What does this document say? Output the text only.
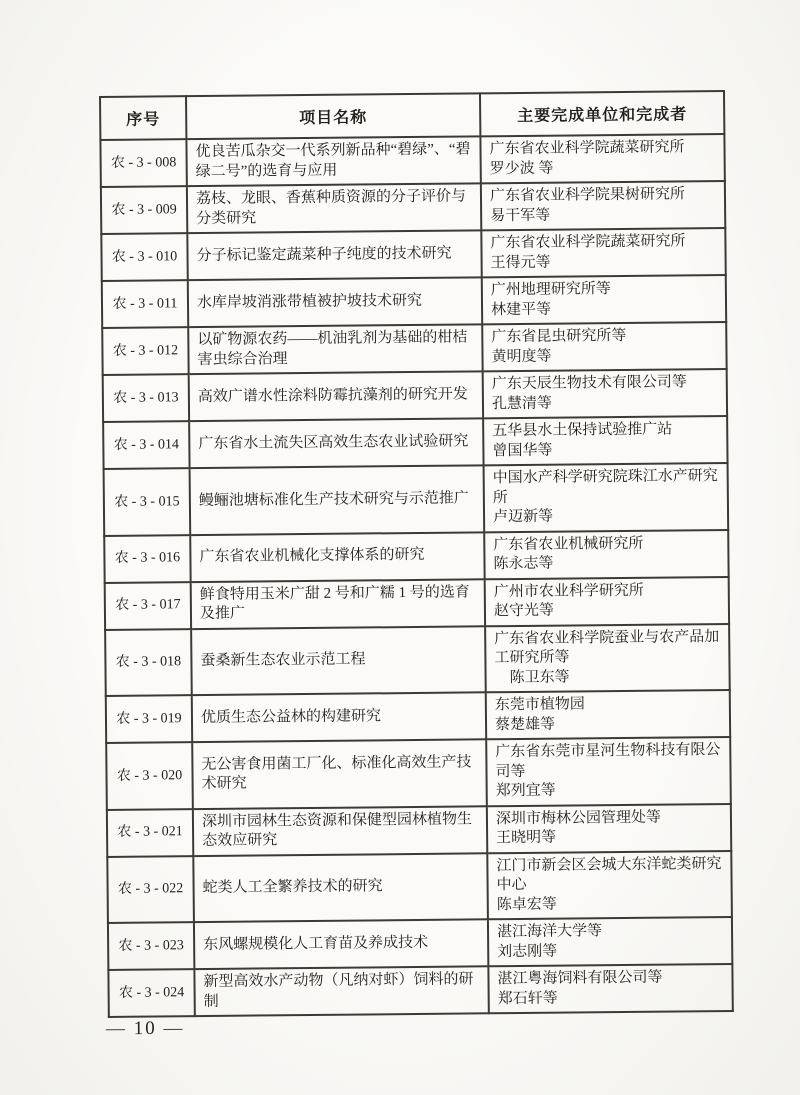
序号	项目名称	主要完成单位和完成者
农 - 3 - 008	优良苦瓜杂交一代系列新品种“碧绿”、“碧绿二号”的选育与应用	广东省农业科学院蔬菜研究所
罗少波 等
农 - 3 - 009	荔枝、龙眼、香蕉种质资源的分子评价与分类研究	广东省农业科学院果树研究所
易干军等
农 - 3 - 010	分子标记鉴定蔬菜种子纯度的技术研究	广东省农业科学院蔬菜研究所
王得元等
农 - 3 - 011	水库岸坡消涨带植被护坡技术研究	广州地理研究所等
林建平等
农 - 3 - 012	以矿物源农药——机油乳剂为基础的柑桔害虫综合治理	广东省昆虫研究所等
黄明度等
农 - 3 - 013	高效广谱水性涂料防霉抗藻剂的研究开发	广东天辰生物技术有限公司等
孔慧清等
农 - 3 - 014	广东省水土流失区高效生态农业试验研究	五华县水土保持试验推广站
曾国华等
农 - 3 - 015	鳗鲡池塘标准化生产技术研究与示范推广	中国水产科学研究院珠江水产研究所
卢迈新等
农 - 3 - 016	广东省农业机械化支撑体系的研究	广东省农业机械研究所
陈永志等
农 - 3 - 017	鲜食特用玉米广甜 2 号和广糯 1 号的选育及推广	广州市农业科学研究所
赵守光等
农 - 3 - 018	蚕桑新生态农业示范工程	广东省农业科学院蚕业与农产品加工研究所等
　陈卫东等
农 - 3 - 019	优质生态公益林的构建研究	东莞市植物园
蔡楚雄等
农 - 3 - 020	无公害食用菌工厂化、标准化高效生产技术研究	广东省东莞市星河生物科技有限公司等
郑列宜等
农 - 3 - 021	深圳市园林生态资源和保健型园林植物生态效应研究	深圳市梅林公园管理处等
王晓明等
农 - 3 - 022	蛇类人工全繁养技术的研究	江门市新会区会城大东洋蛇类研究中心
陈卓宏等
农 - 3 - 023	东风螺规模化人工育苗及养成技术	湛江海洋大学等
刘志刚等
农 - 3 - 024	新型高效水产动物（凡纳对虾）饲料的研制	湛江粤海饲料有限公司等
郑石轩等
— 10 —
